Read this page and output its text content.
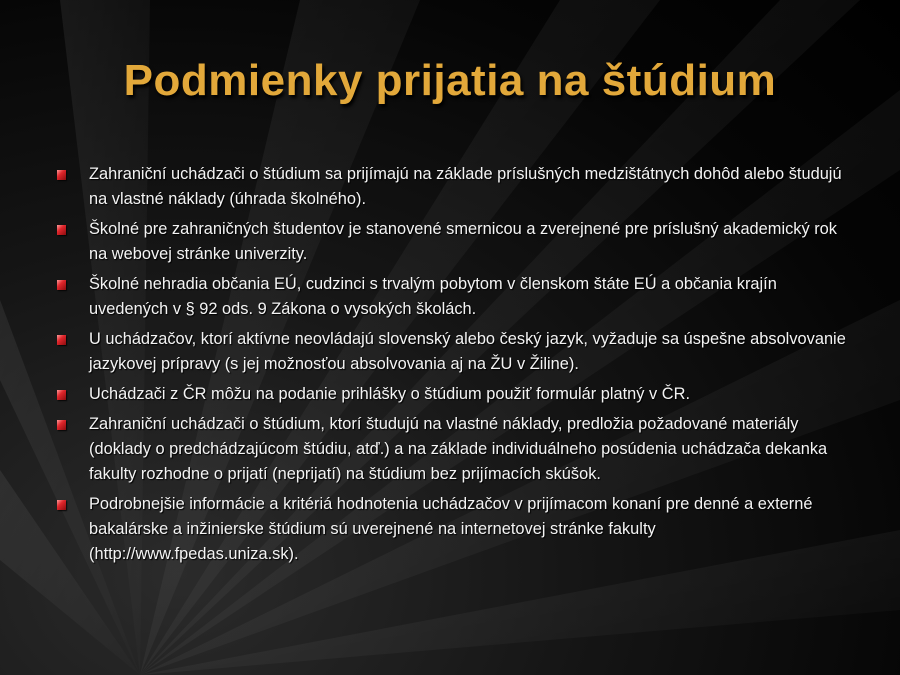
Podmienky prijatia na štúdium
Zahraniční uchádzači o štúdium sa prijímajú na základe príslušných medzištátnych dohôd alebo študujú na vlastné náklady (úhrada školného).
Školné pre zahraničných študentov je stanovené smernicou a zverejnené pre príslušný akademický rok na webovej stránke univerzity.
Školné nehradia občania EÚ, cudzinci s trvalým pobytom v členskom štáte EÚ a občania krajín uvedených v § 92 ods. 9 Zákona o vysokých školách.
U uchádzačov, ktorí aktívne neovládajú slovenský alebo český jazyk, vyžaduje sa úspešne absolvovanie jazykovej prípravy (s jej možnosťou absolvovania aj na ŽU v Žiline).
Uchádzači z ČR môžu na podanie prihlášky o štúdium použiť formulár platný v ČR.
Zahraniční uchádzači o štúdium, ktorí študujú na vlastné náklady, predložia požadované materiály (doklady o predchádzajúcom štúdiu, atď.) a na základe individuálneho posúdenia uchádzača dekanka fakulty rozhodne o prijatí (neprijatí) na štúdium bez prijímacích skúšok.
Podrobnejšie informácie a kritériá hodnotenia uchádzačov v prijímacom konaní pre denné a externé bakalárske a inžinierske štúdium sú uverejnené na internetovej stránke fakulty (http://www.fpedas.uniza.sk).
